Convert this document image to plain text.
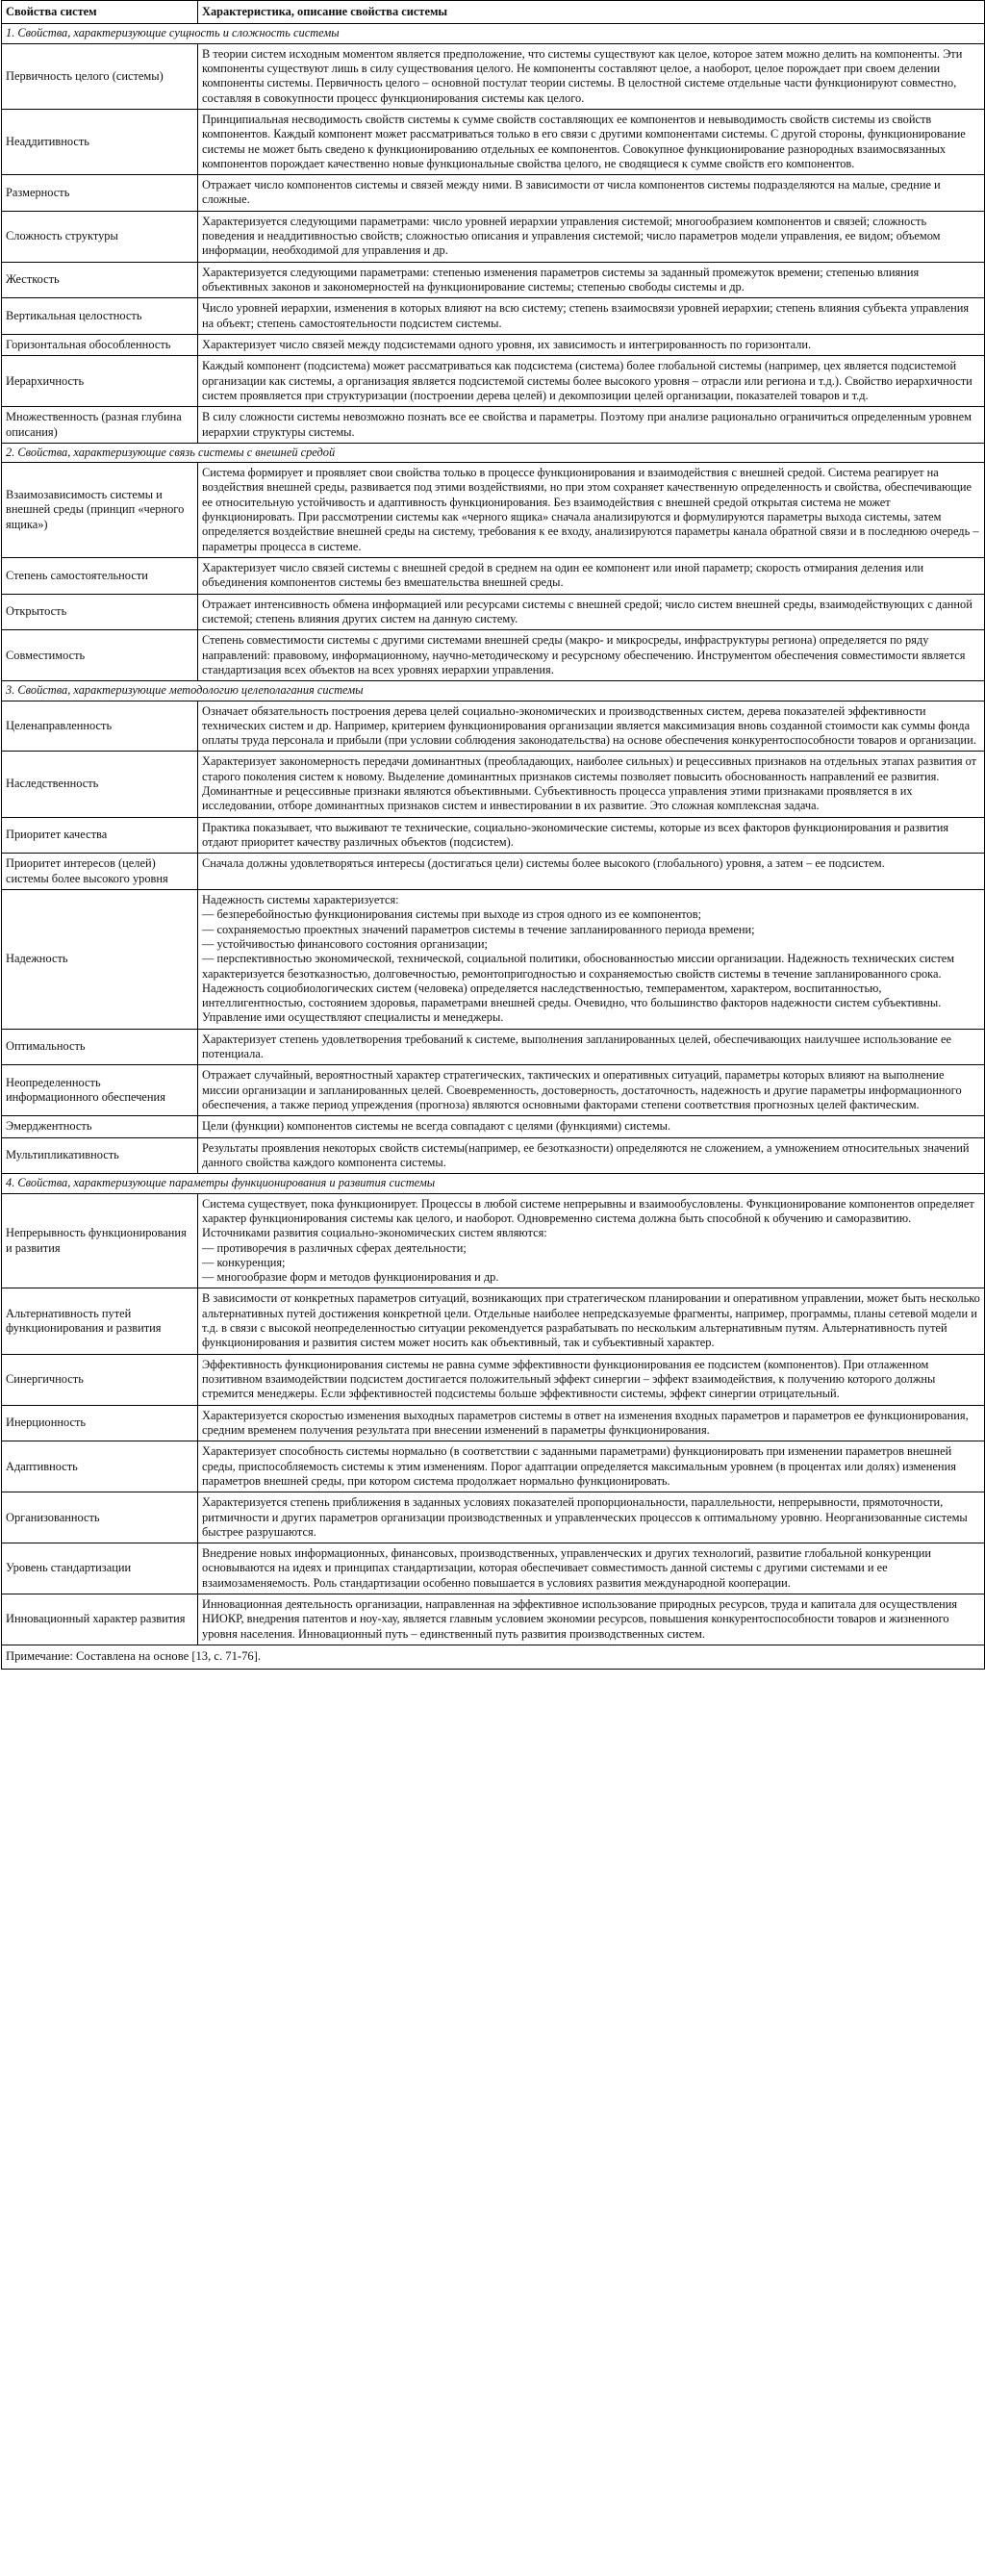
Свойства систем	Характеристика, описание свойства системы
1. Свойства, характеризующие сущность и сложность системы	
Первичность целого (системы)	В теории систем исходным моментом является предположение, что системы существуют как целое, которое затем можно делить на компоненты. Эти компоненты существуют лишь в силу существования целого. Не компоненты составляют целое, а наоборот, целое порождает при своем делении компоненты системы. Первичность целого – основной постулат теории системы. В целостной системе отдельные части функционируют совместно, составляя в совокупности процесс функционирования системы как целого.

Неаддитивность	Принципиальная несводимость свойств системы к сумме свойств составляющих ее компонентов и невыводимость свойств системы из свойств компонентов. Каждый компонент может рассматриваться только в его связи с другими компонентами системы. С другой стороны, функционирование системы не может быть сведено к функционированию отдельных ее компонентов. Совокупное функционирование разнородных взаимосвязанных компонентов порождает качественно новые функциональные свойства целого, не сводящиеся к сумме свойств его компонентов.

Размерность	Отражает число компонентов системы и связей между ними. В зависимости от числа компонентов системы подразделяются на малые, средние и сложные.

Сложность структуры	Характеризуется следующими параметрами: число уровней иерархии управления системой; многообразием компонентов и связей; сложность поведения и неаддитивностью свойств; сложностью описания и управления системой; число параметров модели управления, ее видом; объемом информации, необходимой для управления и др.

Жесткость	Характеризуется следующими параметрами: степенью изменения параметров системы за заданный промежуток времени; степенью влияния объективных законов и закономерностей на функционирование системы; степенью свободы системы и др.

Вертикальная целостность	Число уровней иерархии, изменения в которых влияют на всю систему; степень взаимосвязи уровней иерархии; степень влияния субъекта управления на объект; степень самостоятельности подсистем системы.

Горизонтальная обособленность	Характеризует число связей между подсистемами одного уровня, их зависимость и интегрированность по горизонтали.

Иерархичность	Каждый компонент (подсистема) может рассматриваться как подсистема (система) более глобальной системы (например, цех является подсистемой организации как системы, а организация является подсистемой системы более высокого уровня – отрасли или региона и т.д.). Свойство иерархичности систем проявляется при структуризации (построении дерева целей) и декомпозиции целей организации, показателей товаров и т.д.

Множественность (разная глубина описания)	В силу сложности системы невозможно познать все ее свойства и параметры. Поэтому при анализе рационально ограничиться определенным уровнем иерархии структуры системы.

2. Свойства, характеризующие связь системы с внешней средой	
Взаимозависимость системы и внешней среды (принцип «черного ящика»)	Система формирует и проявляет свои свойства только в процессе функционирования и взаимодействия с внешней средой. Система реагирует на воздействия внешней среды, развивается под этими воздействиями, но при этом сохраняет качественную определенность и свойства, обеспечивающие ее относительную устойчивость и адаптивность функционирования. Без взаимодействия с внешней средой открытая система не может функционировать. При рассмотрении системы как «черного ящика» сначала анализируются и формулируются параметры выхода системы, затем определяется воздействие внешней среды на систему, требования к ее входу, анализируются параметры канала обратной связи и в последнюю очередь – параметры процесса в системе.

Степень самостоятельности	Характеризует число связей системы с внешней средой в среднем на один ее компонент или иной параметр; скорость отмирания деления или объединения компонентов системы без вмешательства внешней среды.

Открытость	Отражает интенсивность обмена информацией или ресурсами системы с внешней средой; число систем внешней среды, взаимодействующих с данной системой; степень влияния других систем на данную систему.

Совместимость	Степень совместимости системы с другими системами внешней среды (макро- и микросреды, инфраструктуры региона) определяется по ряду направлений: правовому, информационному, научно-методическому и ресурсному обеспечению. Инструментом обеспечения совместимости является стандартизация всех объектов на всех уровнях иерархии управления.

3. Свойства, характеризующие методологию целеполагания системы	
Целенаправленность	Означает обязательность построения дерева целей социально-экономических и производственных систем, дерева показателей эффективности технических систем и др. Например, критерием функционирования организации является максимизация вновь созданной стоимости как суммы фонда оплаты труда персонала и прибыли (при условии соблюдения законодательства) на основе обеспечения конкурентоспособности товаров и организации.

Наследственность	Характеризует закономерность передачи доминантных (преобладающих, наиболее сильных) и рецессивных признаков на отдельных этапах развития от старого поколения систем к новому. Выделение доминантных признаков системы позволяет повысить обоснованность направлений ее развития. Доминантные и рецессивные признаки являются объективными. Субъективность процесса управления этими признаками проявляется в их исследовании, отборе доминантных признаков систем и инвестировании в их развитие. Это сложная комплексная задача.

Приоритет качества	Практика показывает, что выживают те технические, социально-экономические системы, которые из всех факторов функционирования и развития отдают приоритет качеству различных объектов (подсистем).

Приоритет интересов (целей) системы более высокого уровня	Сначала должны удовлетворяться интересы (достигаться цели) системы более высокого (глобального) уровня, а затем – ее подсистем.

Надежность	Надежность системы характеризуется:
— безперебойностью функционирования системы при выходе из строя одного из ее компонентов;
— сохраняемостью проектных значений параметров системы в течение запланированного периода времени;
— устойчивостью финансового состояния организации;
— перспективностью экономической, технической, социальной политики, обоснованностью миссии организации. Надежность технических систем характеризуется безотказностью, долговечностью, ремонтопригодностью и сохраняемостью свойств системы в течение запланированного срока. Надежность социобиологических систем (человека) определяется наследственностью, темпераментом, характером, воспитанностью, интеллигентностью, состоянием здоровья, параметрами внешней среды. Очевидно, что большинство факторов надежности систем субъективны. Управление ими осуществляют специалисты и менеджеры.

Оптимальность	Характеризует степень удовлетворения требований к системе, выполнения запланированных целей, обеспечивающих наилучшее использование ее потенциала.

Неопределенность информационного обеспечения	Отражает случайный, вероятностный характер стратегических, тактических и оперативных ситуаций, параметры которых влияют на выполнение миссии организации и запланированных целей. Своевременность, достоверность, достаточность, надежность и другие параметры информационного обеспечения, а также период упреждения (прогноза) являются основными факторами степени соответствия прогнозных целей фактическим.

Эмерджентность	Цели (функции) компонентов системы не всегда совпадают с целями (функциями) системы.

Мультипликативность	Результаты проявления некоторых свойств системы(например, ее безотказности) определяются не сложением, а умножением относительных значений данного свойства каждого компонента системы.

4. Свойства, характеризующие параметры функционирования и развития системы	
Непрерывность функционирования и развития	Система существует, пока функционирует. Процессы в любой системе непрерывны и взаимообусловлены. Функционирование компонентов определяет характер функционирования системы как целого, и наоборот. Одновременно система должна быть способной к обучению и саморазвитию. Источниками развития социально-экономических систем являются:
— противоречия в различных сферах деятельности;
— конкуренция;
— многообразие форм и методов функционирования и др.

Альтернативность путей функционирования и развития	В зависимости от конкретных параметров ситуаций, возникающих при стратегическом планировании и оперативном управлении, может быть несколько альтернативных путей достижения конкретной цели. Отдельные наиболее непредсказуемые фрагменты, например, программы, планы сетевой модели и т.д. в связи с высокой неопределенностью ситуации рекомендуется разрабатывать по нескольким альтернативным путям. Альтернативность путей функционирования и развития систем может носить как объективный, так и субъективный характер.

Синергичность	Эффективность функционирования системы не равна сумме эффективности функционирования ее подсистем (компонентов). При отлаженном позитивном взаимодействии подсистем достигается положительный эффект синергии – эффект взаимодействия, к получению которого должны стремится менеджеры. Если эффективностей подсистемы больше эффективности системы, эффект синергии отрицательный.

Инерционность	Характеризуется скоростью изменения выходных параметров системы в ответ на изменения входных параметров и параметров ее функционирования, средним временем получения результата при внесении изменений в параметры функционирования.

Адаптивность	Характеризует способность системы нормально (в соответствии с заданными параметрами) функционировать при изменении параметров внешней среды, приспособляемость системы к этим изменениям. Порог адаптации определяется максимальным уровнем (в процентах или долях) изменения параметров внешней среды, при котором система продолжает нормально функционировать.

Организованность	Характеризуется степень приближения в заданных условиях показателей пропорциональности, параллельности, непрерывности, прямоточности, ритмичности и других параметров организации производственных и управленческих процессов к оптимальному уровню. Неорганизованные системы быстрее разрушаются.

Уровень стандартизации	Внедрение новых информационных, финансовых, производственных, управленческих и других технологий, развитие глобальной конкуренции основываются на идеях и принципах стандартизации, которая обеспечивает совместимость данной системы с другими системами и ее взаимозаменяемость. Роль стандартизации особенно повышается в условиях развития международной кооперации.

Инновационный характер развития	Инновационная деятельность организации, направленная на эффективное использование природных ресурсов, труда и капитала для осуществления НИОКР, внедрения патентов и ноу-хау, является главным условием экономии ресурсов, повышения конкурентоспособности товаров и жизненного уровня населения. Инновационный путь – единственный путь развития производственных систем.

Примечание: Составлена на основе [13, с. 71-76].	
